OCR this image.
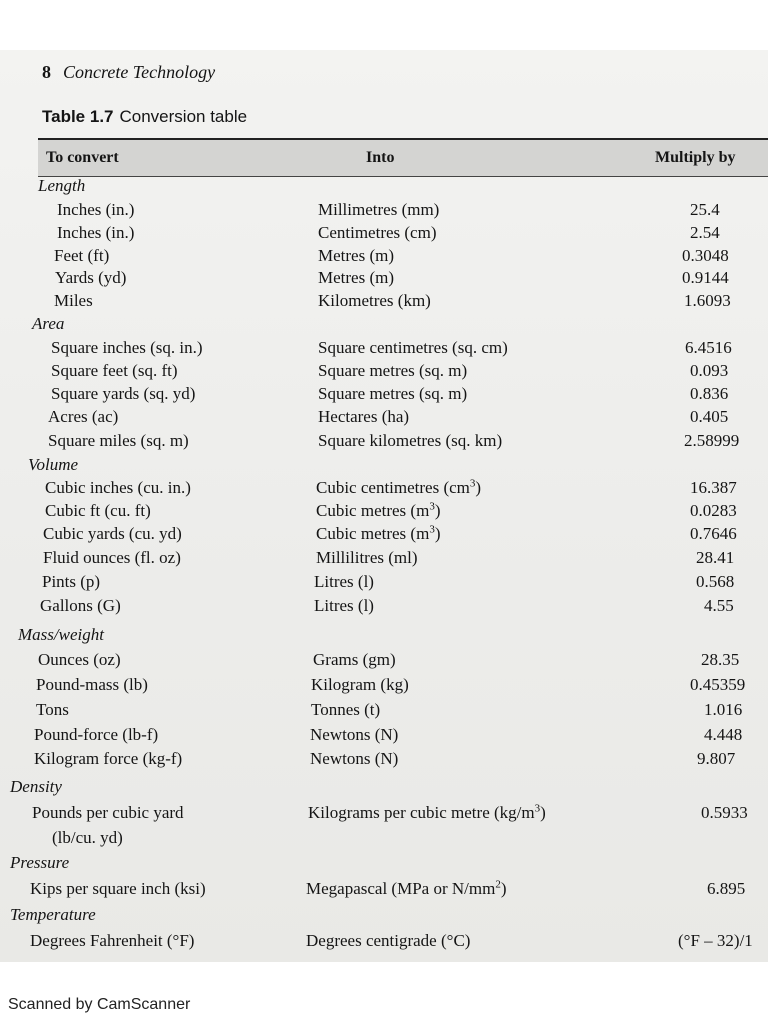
8 Concrete Technology
Table 1.7 Conversion table
To convert	Into	Multiply by
Length
Inches (in.)	Millimetres (mm)	25.4
Inches (in.)	Centimetres (cm)	2.54
Feet (ft)	Metres (m)	0.3048
Yards (yd)	Metres (m)	0.9144
Miles	Kilometres (km)	1.6093
Area
Square inches (sq. in.)	Square centimetres (sq. cm)	6.4516
Square feet (sq. ft)	Square metres (sq. m)	0.093
Square yards (sq. yd)	Square metres (sq. m)	0.836
Acres (ac)	Hectares (ha)	0.405
Square miles (sq. m)	Square kilometres (sq. km)	2.58999
Volume
Cubic inches (cu. in.)	Cubic centimetres $(cm^3)$	16.387
Cubic ft (cu. ft)	Cubic metres $(m^3)$	0.0283
Cubic yards (cu. yd)	Cubic metres $(m^3)$	0.7646
Fluid ounces (fl. oz)	Millilitres (ml)	28.41
Pints (p)	Litres (l)	0.568
Gallons (G)	Litres (l)	4.55
Mass/weight
Ounces (oz)	Grams (gm)	28.35
Pound-mass (lb)	Kilogram (kg)	0.45359
Tons	Tonnes (t)	1.016
Pound-force (lb-f)	Newtons (N)	4.448
Kilogram force (kg-f)	Newtons (N)	9.807
Density
Pounds per cubic yard	Kilograms per cubic metre $(kg/m^3)$	0.5933
(lb/cu. yd)
Pressure
Kips per square inch (ksi)	Megapascal (MPa or $N/mm^2$)	6.895
Temperature
Degrees Fahrenheit (°F)	Degrees centigrade (°C)	(°F – 32)/1
Scanned by CamScanner
